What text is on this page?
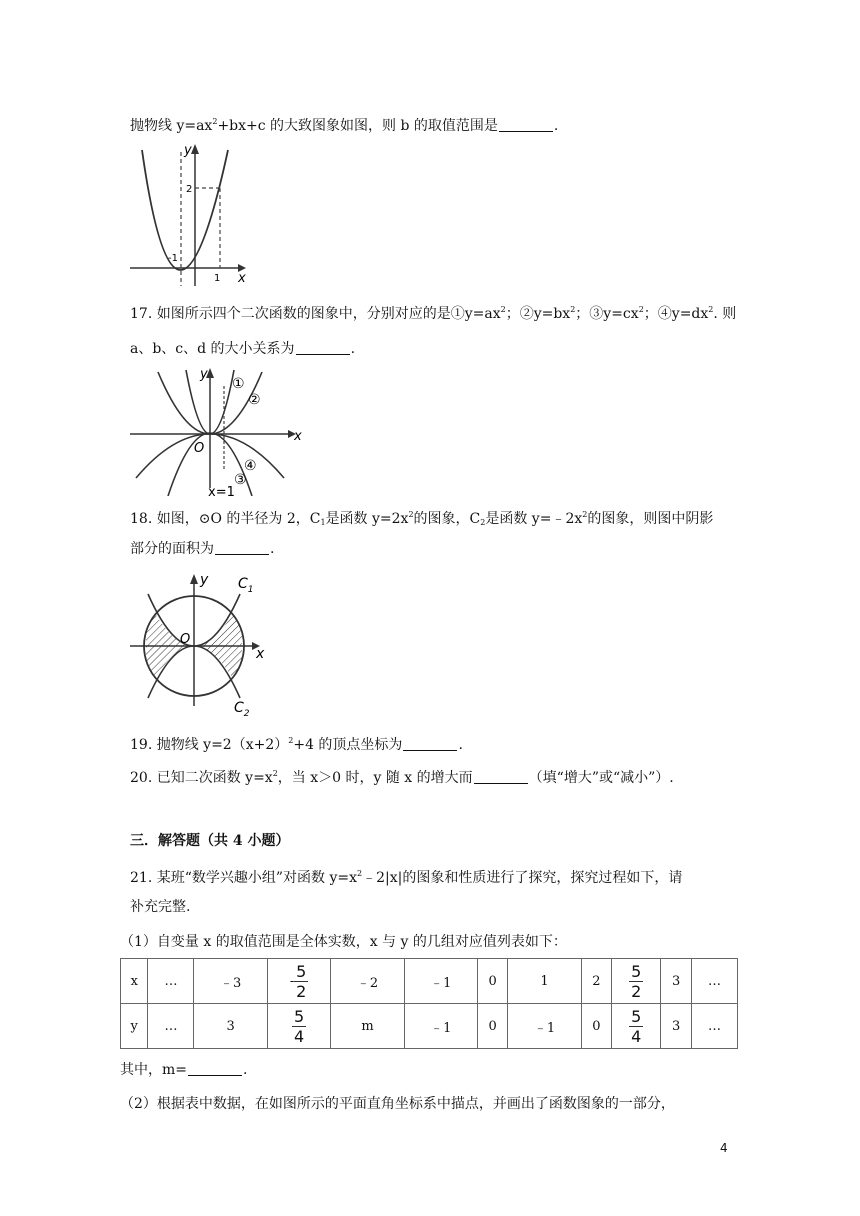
抛物线 $y=ax^2+bx+c$ 的大致图象如图，则 b 的取值范围是	.
y
x
-1
1
2
17. 如图所示四个二次函数的图象中，分别对应的是$①y=ax^2$；$②y=bx^2$；$③y=cx^2$；$④y=dx^2$. 则
a、b、c、d 的大小关系为	.
y
x
O
①
②
③
④
x=1
18. 如图，⊙O 的半径为 2，C1是函数 $y=2x^2$的图象，C2是函数 $y=﹣2x^2$的图象，则图中阴影
部分的面积为	.
y
x
O
$C_1$
$C_2$
19. 抛物线 $y=2(x+2)^2+4$ 的顶点坐标为	.
20. 已知二次函数 $y=x^2$，当 x＞0 时，y 随 x 的增大而	（填“增大”或“减小”）.
三．解答题（共 4 小题）
21. 某班“数学兴趣小组”对函数 $y=x^2﹣2|x|$的图象和性质进行了探究，探究过程如下，请
补充完整.
（1）自变量 x 的取值范围是全体实数，x 与 y 的几组对应值列表如下：
x	…	﹣3	- $\frac{5}{2}$	﹣2	﹣1	0	1	2	$\frac{5}{2}$	3	…
y	…	3	$\frac{5}{4}$	m	﹣1	0	﹣1	0	$\frac{5}{4}$	3	…
其中，m=	.
（2）根据表中数据，在如图所示的平面直角坐标系中描点，并画出了函数图象的一部分，
4
